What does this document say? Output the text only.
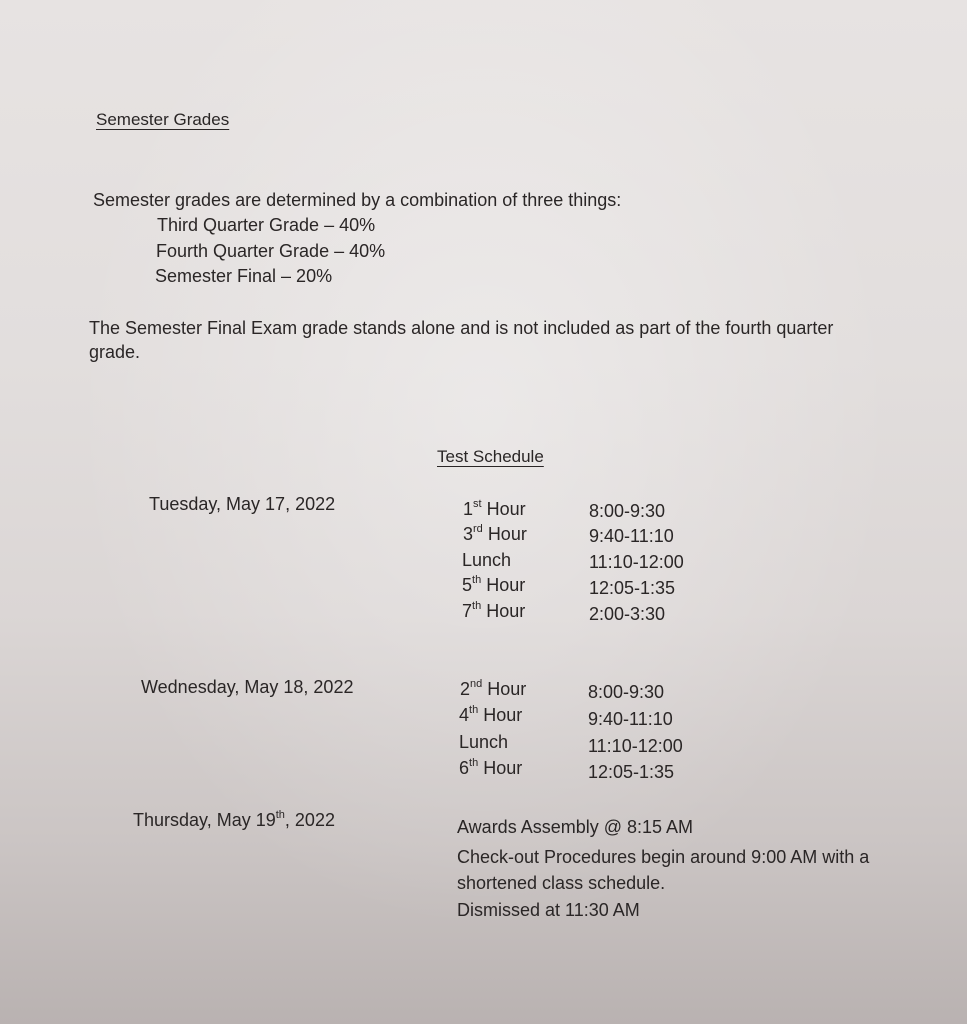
Semester Grades
Semester grades are determined by a combination of three things:
Third Quarter Grade – 40%
Fourth Quarter Grade – 40%
Semester Final – 20%
The Semester Final Exam grade stands alone and is not included as part of the fourth quarter grade.
Test Schedule
Tuesday, May 17, 2022	1st Hour	8:00-9:30
3rd Hour	9:40-11:10
Lunch	11:10-12:00
5th Hour	12:05-1:35
7th Hour	2:00-3:30
Wednesday, May 18, 2022	2nd Hour	8:00-9:30
4th Hour	9:40-11:10
Lunch	11:10-12:00
6th Hour	12:05-1:35
Thursday, May 19th, 2022	Awards Assembly @ 8:15 AM
Check-out Procedures begin around 9:00 AM with a
shortened class schedule.
Dismissed at 11:30 AM
